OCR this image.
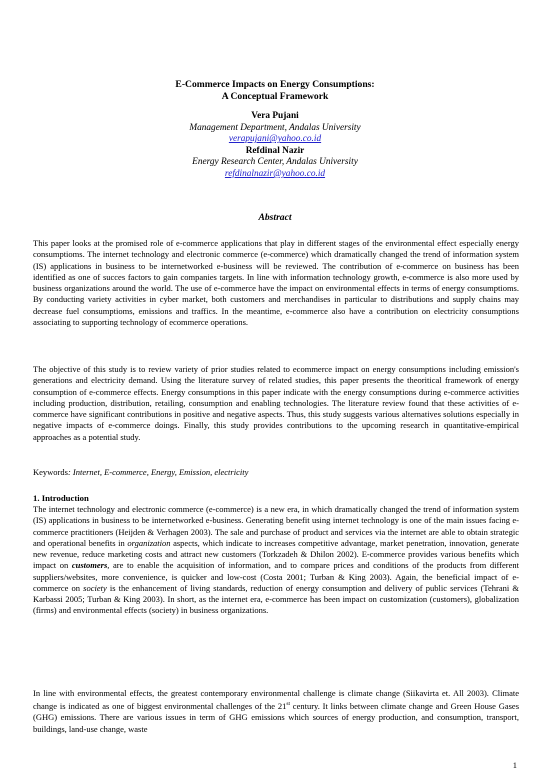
E-Commerce Impacts on Energy Consumptions:
A Conceptual Framework
Vera Pujani
Management Department, Andalas University
verapujani@yahoo.co.id
Refdinal Nazir
Energy Research Center, Andalas University
refdinalnazir@yahoo.co.id
Abstract

This paper looks at the promised role of e-commerce applications that play in different stages of the environmental effect especially energy consumptioms. The internet technology and electronic commerce (e-commerce) which dramatically changed the trend of information system (IS) applications in business to be internetworked e-business will be reviewed. The contribution of e-commerce on business has been identified as one of succes factors to gain companies targets. In line with information technology growth, e-commerce is also more used by business organizations around the world. The use of e-commerce have the impact on environmental effects in terms of energy consumptioms. By conducting variety activities in cyber market, both customers and merchandises in particular to distributions and supply chains may decrease fuel consumptioms, emissions and traffics. In the meantime, e-commerce also have a contribution on electricity consumptions associating to supporting technology of ecommerce operations.

The objective of this study is to review variety of prior studies related to ecommerce impact on energy consumptions including emission's generations and electricity demand. Using the literature survey of related studies, this paper presents the theoritical framework of energy consumption of e-commerce effects. Energy consumptions in this paper indicate with the energy consumptions during e-commerce activities including production, distribution, retailing, consumption and enabling technologies. The literature review found that these activities of e-commerce have significant contributions in positive and negative aspects. Thus, this study suggests various alternatives solutions especially in negative impacts of e-commerce doings. Finally, this study provides contributions to the upcoming research in quantitative-empirical approaches as a potential study.

Keywords: Internet, E-commerce, Energy, Emission, electricity
1. Introduction

The internet technology and electronic commerce (e-commerce) is a new era, in which dramatically changed the trend of information system (IS) applications in business to be internetworked e-business. Generating benefit using internet technology is one of the main issues facing e-commerce practitioners (Heijden & Verhagen 2003). The sale and purchase of product and services via the internet are able to obtain strategic and operational benefits in organization aspects, which indicate to increases competitive advantage, market penetration, innovation, generate new revenue, reduce marketing costs and attract new customers (Torkzadeh & Dhilon 2002). E-commerce provides various benefits which impact on customers, are to enable the acquisition of information, and to compare prices and conditions of the products from different suppliers/websites, more convenience, is quicker and low-cost (Costa 2001; Turban & King 2003). Again, the beneficial impact of e-commerce on society is the enhancement of living standards, reduction of energy consumption and delivery of public services (Tehrani & Karbassi 2005; Turban & King 2003). In short, as the internet era, e-commerce has been impact on customization (customers), globalization (firms) and environmental effects (society) in business organizations.

In line with environmental effects, the greatest contemporary environmental challenge is climate change (Siikavirta et. All 2003). Climate change is indicated as one of biggest environmental challenges of the 21st century. It links between climate change and Green House Gases (GHG) emissions. There are various issues in term of GHG emissions which sources of energy production, and consumption, transport, buildings, land-use change, waste

1
